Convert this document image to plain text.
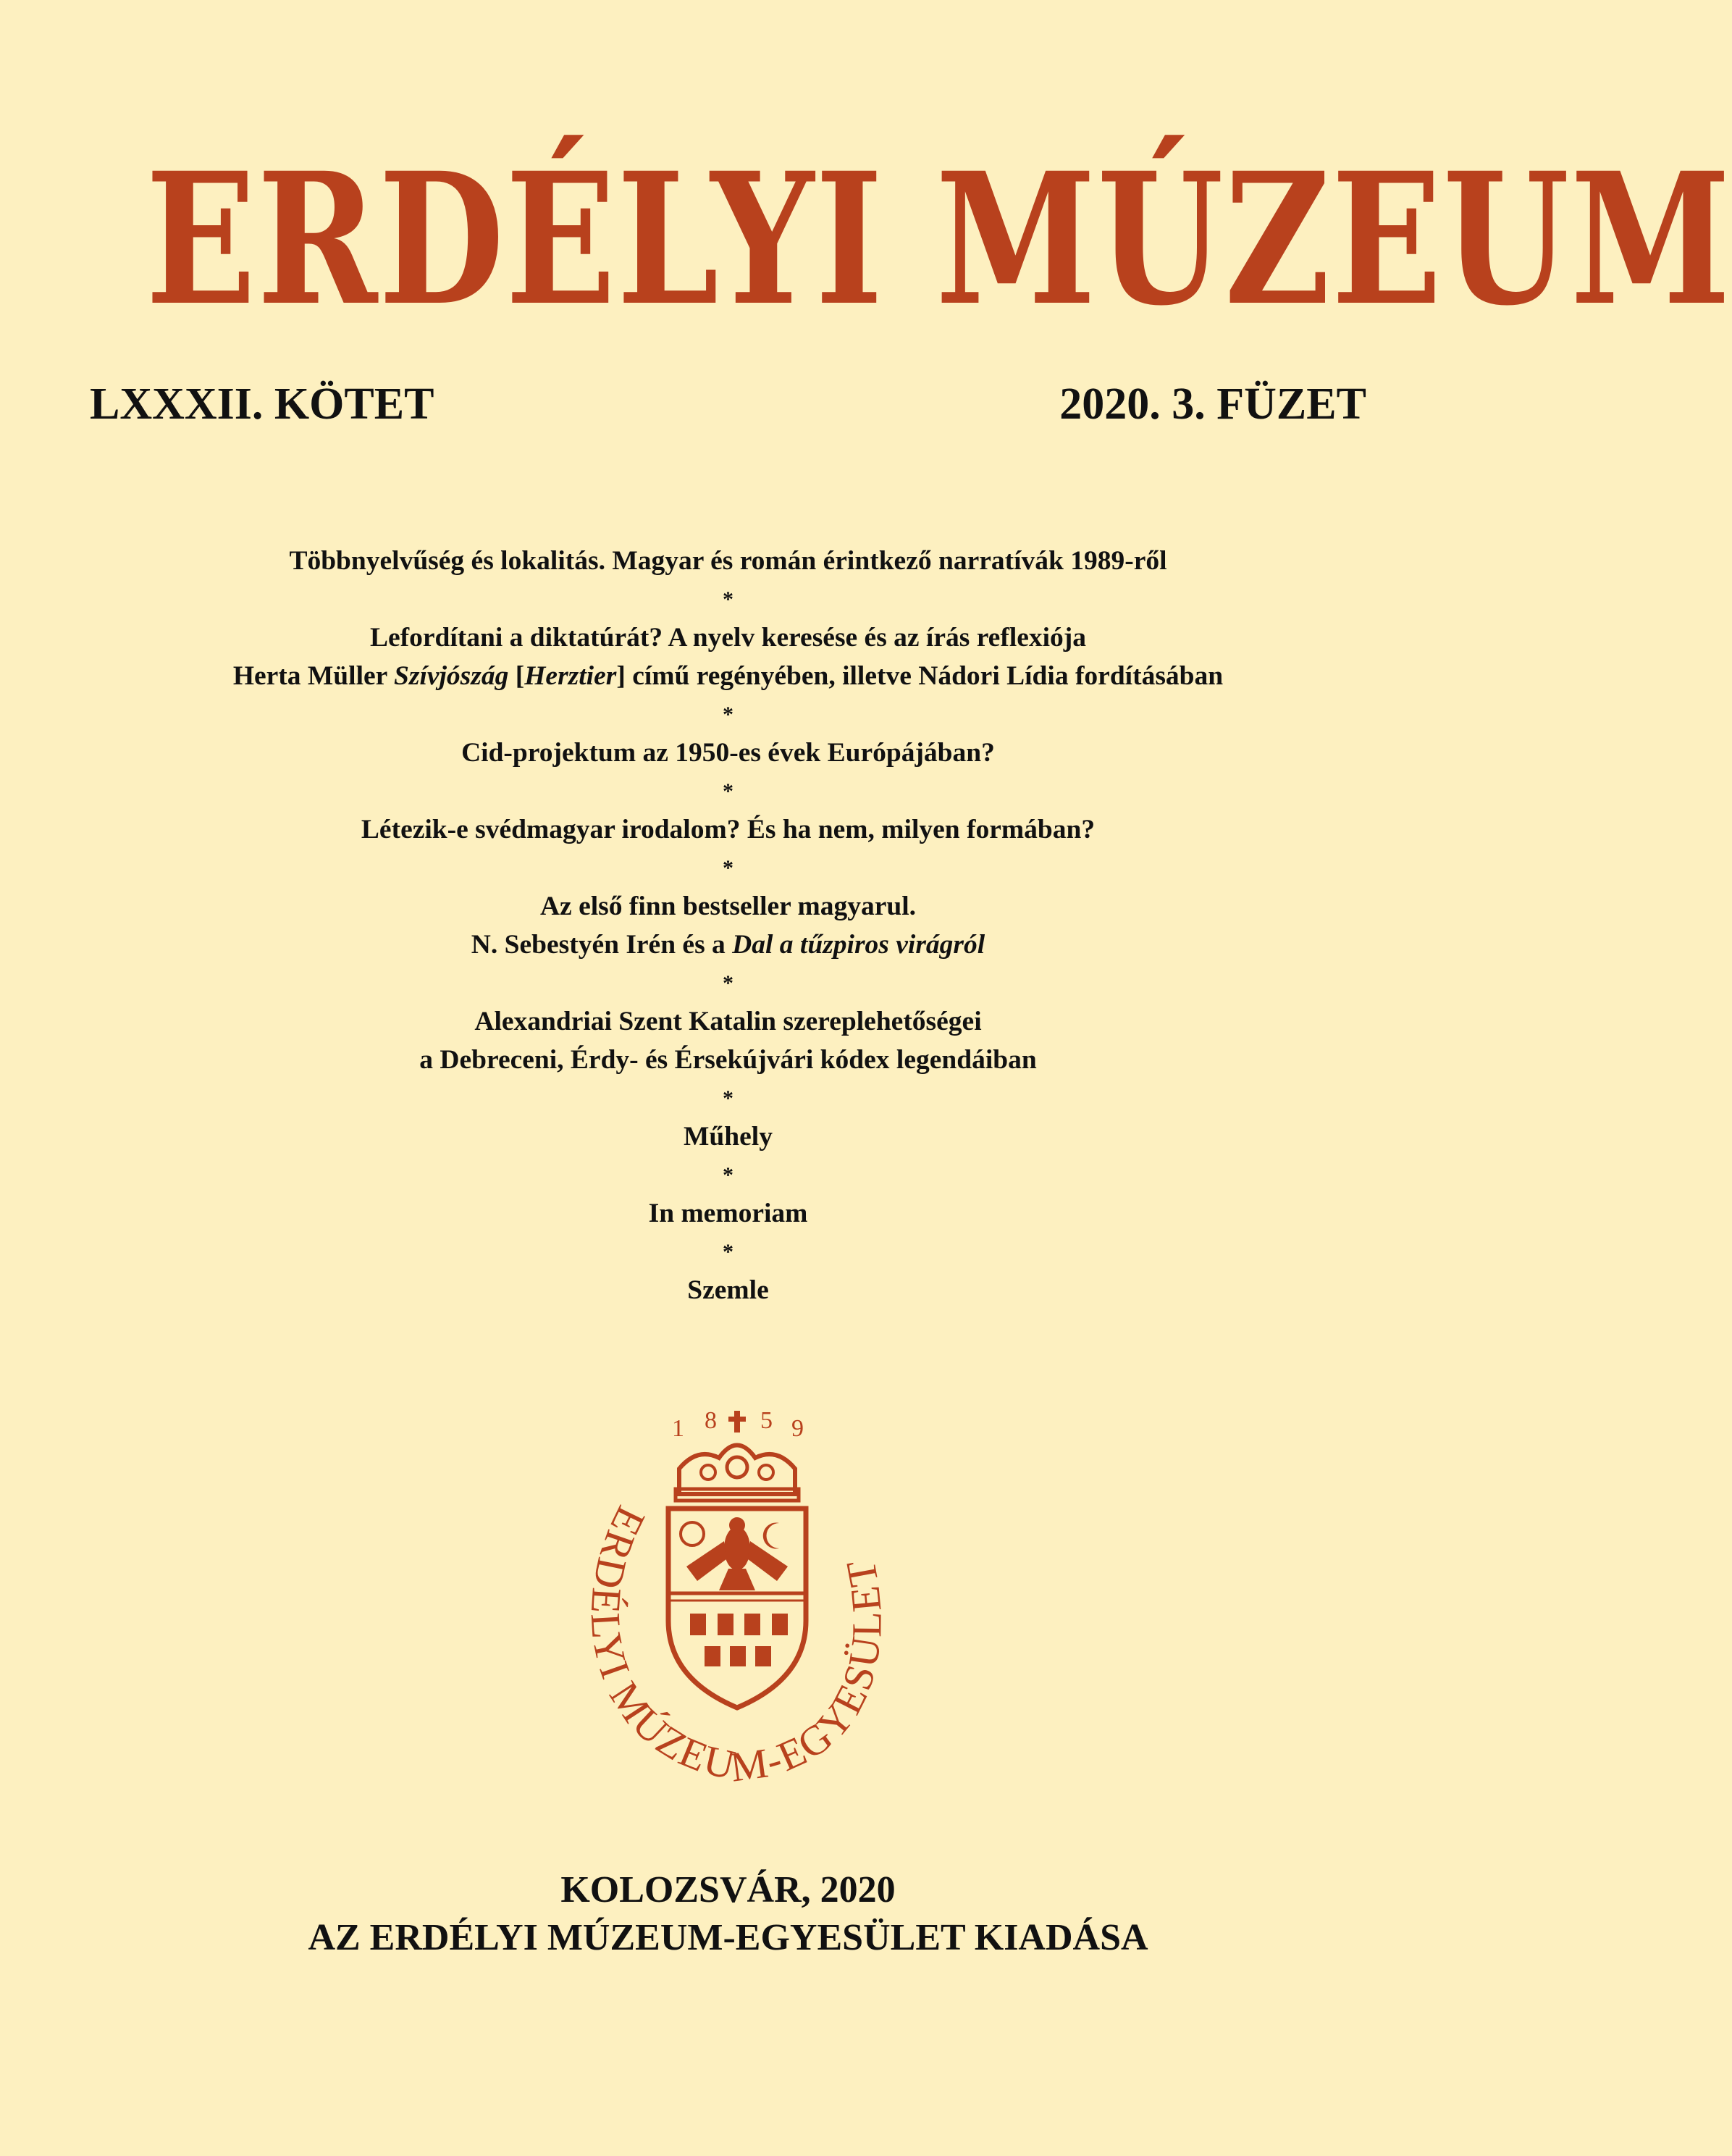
ERDÉLYI MÚZEUM
LXXXII. KÖTET	2020. 3. FÜZET
Többnyelvűség és lokalitás. Magyar és román érintkező narratívák 1989-ről
*
Lefordítani a diktatúrát? A nyelv keresése és az írás reflexiója
Herta Müller Szívjószág [Herztier] című regényében, illetve Nádori Lídia fordításában
*
Cid-projektum az 1950-es évek Európájában?
*
Létezik-e svédmagyar irodalom? És ha nem, milyen formában?
*
Az első finn bestseller magyarul.
N. Sebestyén Irén és a Dal a tűzpiros virágról
*
Alexandriai Szent Katalin szereplehetőségei
a Debreceni, Érdy- és Érsekújvári kódex legendáiban
*
Műhely
*
In memoriam
*
Szemle
1 8 5 9
ERDÉLYI MÚZEUM-EGYESÜLET
KOLOZSVÁR, 2020
AZ ERDÉLYI MÚZEUM-EGYESÜLET KIADÁSA
